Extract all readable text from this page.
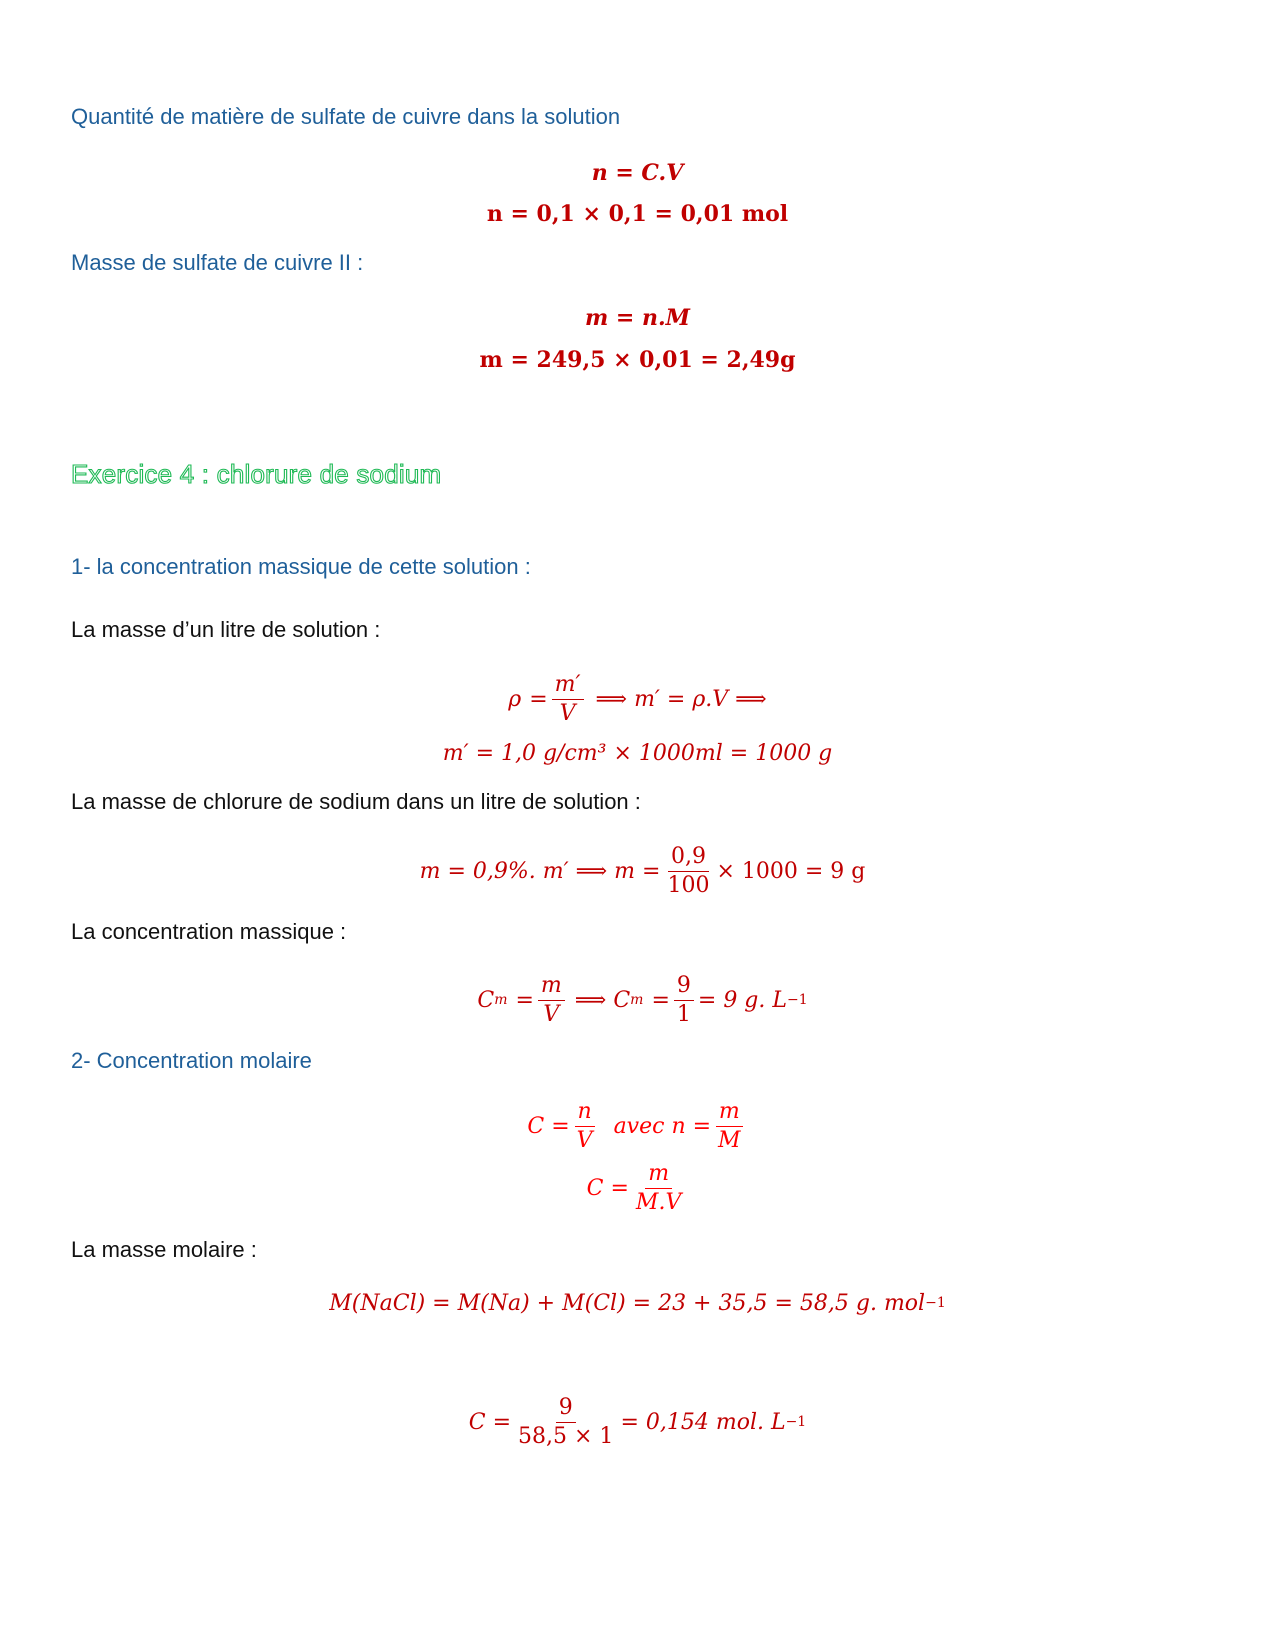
Quantité de matière de sulfate de cuivre dans la solution
n = C.V
n = 0,1 × 0,1 = 0,01 mol
Masse de sulfate de cuivre II :
m = n.M
m = 249,5 × 0,01 = 2,49g
Exercice 4 : chlorure de sodium
1- la concentration massique de cette solution :
La masse d’un litre de solution :
$\rho = \frac{m'}{V}$ ⟹ m′ = ρ.V ⟹
m′ = 1,0 g/cm³ × 1000ml = 1000 g
La masse de chlorure de sodium dans un litre de solution :
m = 0,9%. m′ ⟹ $m = \frac{0,9}{100} \times 1000 = 9$ g
La concentration massique :
C $m = \frac{m}{V}$ ⟹ C $m = \frac{9}{1} = 9$ g. L −1
2- Concentration molaire
$C = \frac{n}{V}$ avec $n = \frac{m}{M}$
$C = \frac{m}{M.V}$
La masse molaire :
M(NaCl) = M(Na) + M(Cl) = 23 + 35,5 = 58,5 g. mol −1
$C = \frac{9}{58,5 \times 1} = 0,154$ mol. L −1
